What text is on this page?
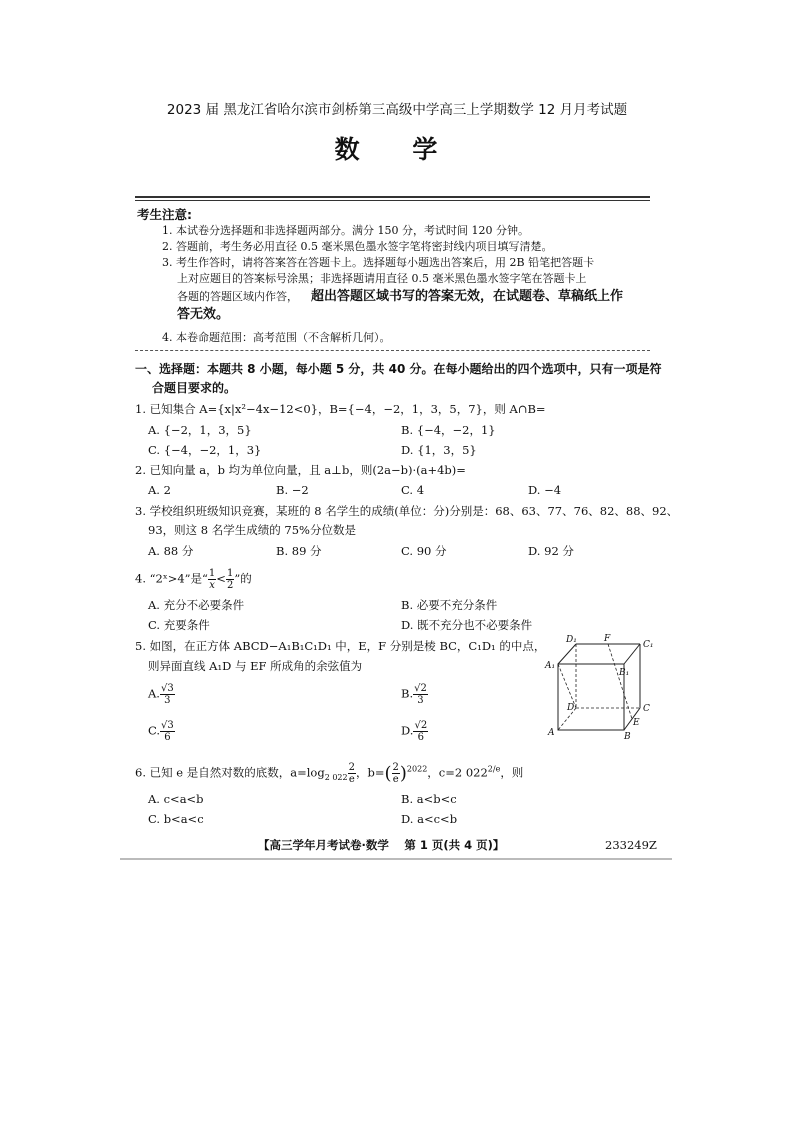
2023 届 黑龙江省哈尔滨市剑桥第三高级中学高三上学期数学 12 月月考试题
数 学
考生注意:
1. 本试卷分选择题和非选择题两部分。满分 150 分，考试时间 120 分钟。
2. 答题前，考生务必用直径 0.5 毫米黑色墨水签字笔将密封线内项目填写清楚。
3. 考生作答时，请将答案答在答题卡上。选择题每小题选出答案后，用 2B 铅笔把答题卡
上对应题目的答案标号涂黑；非选择题请用直径 0.5 毫米黑色墨水签字笔在答题卡上
各题的答题区域内作答， 超出答题区域书写的答案无效，在试题卷、草稿纸上作
答无效。
4. 本卷命题范围：高考范围（不含解析几何）。
一、选择题：本题共 8 小题，每小题 5 分，共 40 分。在每小题给出的四个选项中，只有一项是符
合题目要求的。
1. 已知集合 A={x|x²−4x−12<0}，B={−4，−2，1，3，5，7}，则 A∩B=
A. {−2，1，3，5}	B. {−4，−2，1}
C. {−4，−2，1，3}	D. {1，3，5}
2. 已知向量 a，b 均为单位向量，且 a⊥b，则(2a−b)·(a+4b)=
A. 2	B. −2	C. 4	D. −4
3. 学校组织班级知识竞赛，某班的 8 名学生的成绩(单位：分)分别是：68、63、77、76、82、88、92、
93，则这 8 名学生成绩的 75%分位数是
A. 88 分	B. 89 分	C. 90 分	D. 92 分
4. “2ˣ>4”是“ $\frac{1}{x} < \frac{1}{2}$ ”的
A. 充分不必要条件	B. 必要不充分条件
C. 充要条件	D. 既不充分也不必要条件
5. 如图，在正方体 ABCD−A₁B₁C₁D₁ 中，E，F 分别是棱 BC，C₁D₁ 的中点，
则异面直线 A₁D 与 EF 所成角的余弦值为
A. $\frac{√3}{3}$	B. $\frac{√2}{3}$
C. $\frac{√3}{6}$	D. $\frac{√2}{6}$
D₁	F
C₁
A₁
B₁
D	C
A	B
E
6. 已知 e 是自然对数的底数，$a=\log_{2 022} \frac{2}{e}$ ，$b=( \frac{2}{e} )^{2022}$，c=2 $022^{2/e}$，则
A. c<a<b	B. a<b<c
C. b<a<c	D. a<c<b
【高三学年月考试卷·数学　 第 1 页(共 4 页)】	233249Z
